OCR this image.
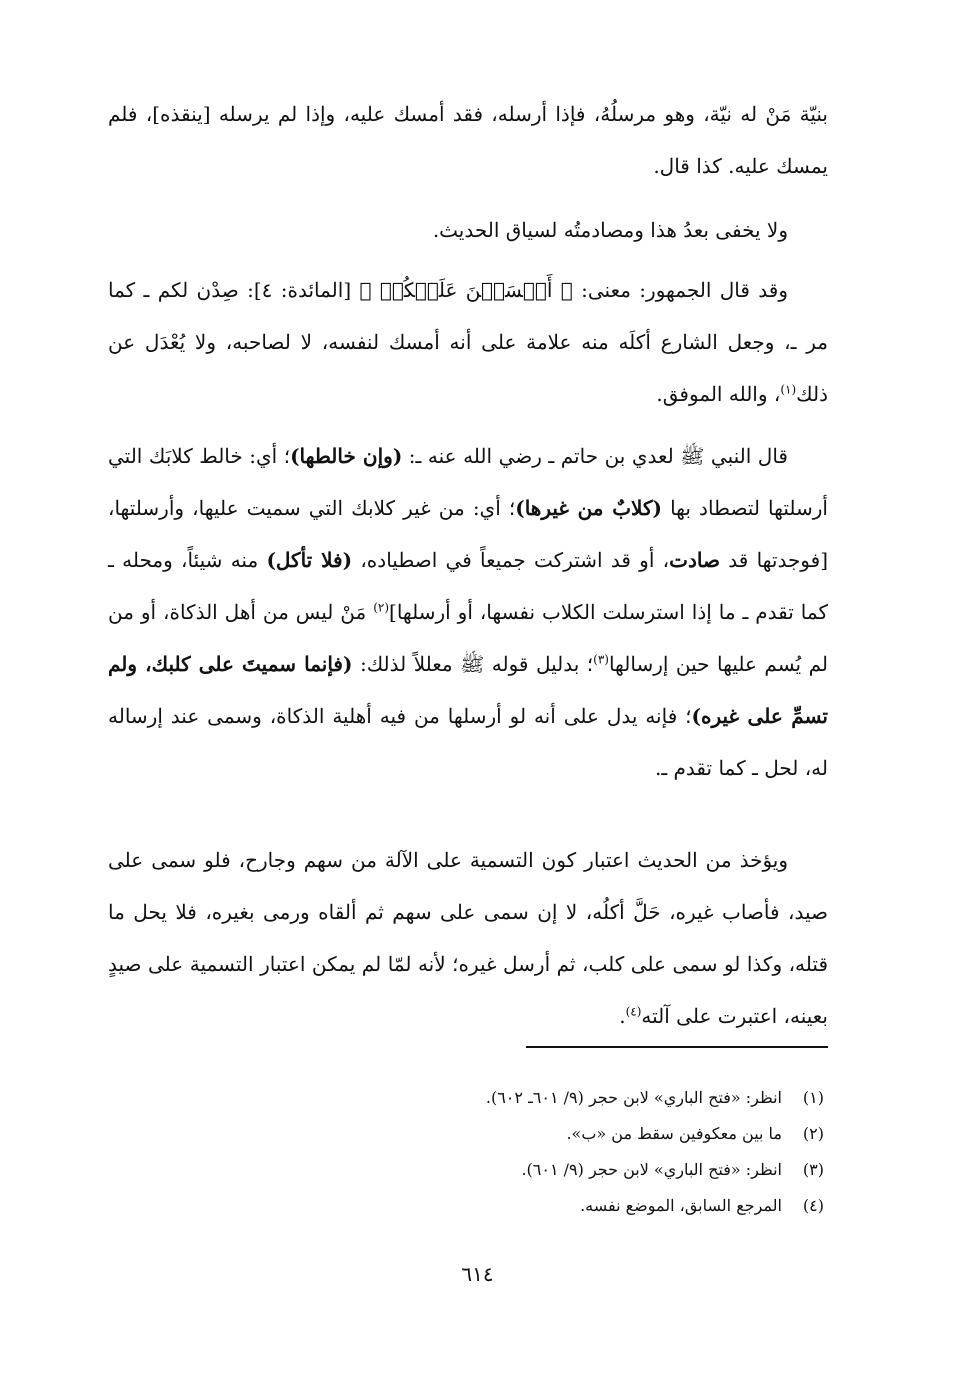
بنيّة مَنْ له نيّة، وهو مرسلُهُ، فإذا أرسله، فقد أمسك عليه، وإذا لم يرسله [ينقذه]، فلم يمسك عليه. كذا قال.

ولا يخفى بعدُ هذا ومصادمتُه لسياق الحديث.

وقد قال الجمهور: معنى: ﴿ أَمۡسَكۡنَ عَلَيۡكُمۡ ﴾ [المائدة: ٤]: صِدْن لكم ـ كما مر ـ، وجعل الشارع أكلَه منه علامة على أنه أمسك لنفسه، لا لصاحبه، ولا يُعْدَل عن ذلك$^{(١)}$، والله الموفق.

قال النبي ﷺ لعدي بن حاتم ـ رضي الله عنه ـ: (وإن خالطها)؛ أي: خالط كلابَك التي أرسلتها لتصطاد بها (كلابٌ من غيرها)؛ أي: من غير كلابك التي سميت عليها، وأرسلتها، [فوجدتها قد صادت، أو قد اشتركت جميعاً في اصطياده، (فلا تأكل) منه شيئاً، ومحله ـ كما تقدم ـ ما إذا استرسلت الكلاب نفسها، أو أرسلها]$^{(٢)}$ مَنْ ليس من أهل الذكاة، أو من لم يُسم عليها حين إرسالها$^{(٣)}$؛ بدليل قوله ﷺ معللاً لذلك: (فإنما سميتَ على كلبك، ولم تسمِّ على غيره)؛ فإنه يدل على أنه لو أرسلها من فيه أهلية الذكاة، وسمى عند إرساله له، لحل ـ كما تقدم ـ.

ويؤخذ من الحديث اعتبار كون التسمية على الآلة من سهم وجارح، فلو سمى على صيد، فأصاب غيره، حَلَّ أكلُه، لا إن سمى على سهم ثم ألقاه ورمى بغيره، فلا يحل ما قتله، وكذا لو سمى على كلب، ثم أرسل غيره؛ لأنه لمّا لم يمكن اعتبار التسمية على صيدٍ بعينه، اعتبرت على آلته$^{(٤)}$.

(١)
انظر: «فتح الباري» لابن حجر (٩/ ٦٠١ـ ٦٠٢).
(٢)
ما بين معكوفين سقط من «ب».
(٣)
انظر: «فتح الباري» لابن حجر (٩/ ٦٠١).
(٤)
المرجع السابق، الموضع نفسه.
٦١٤
